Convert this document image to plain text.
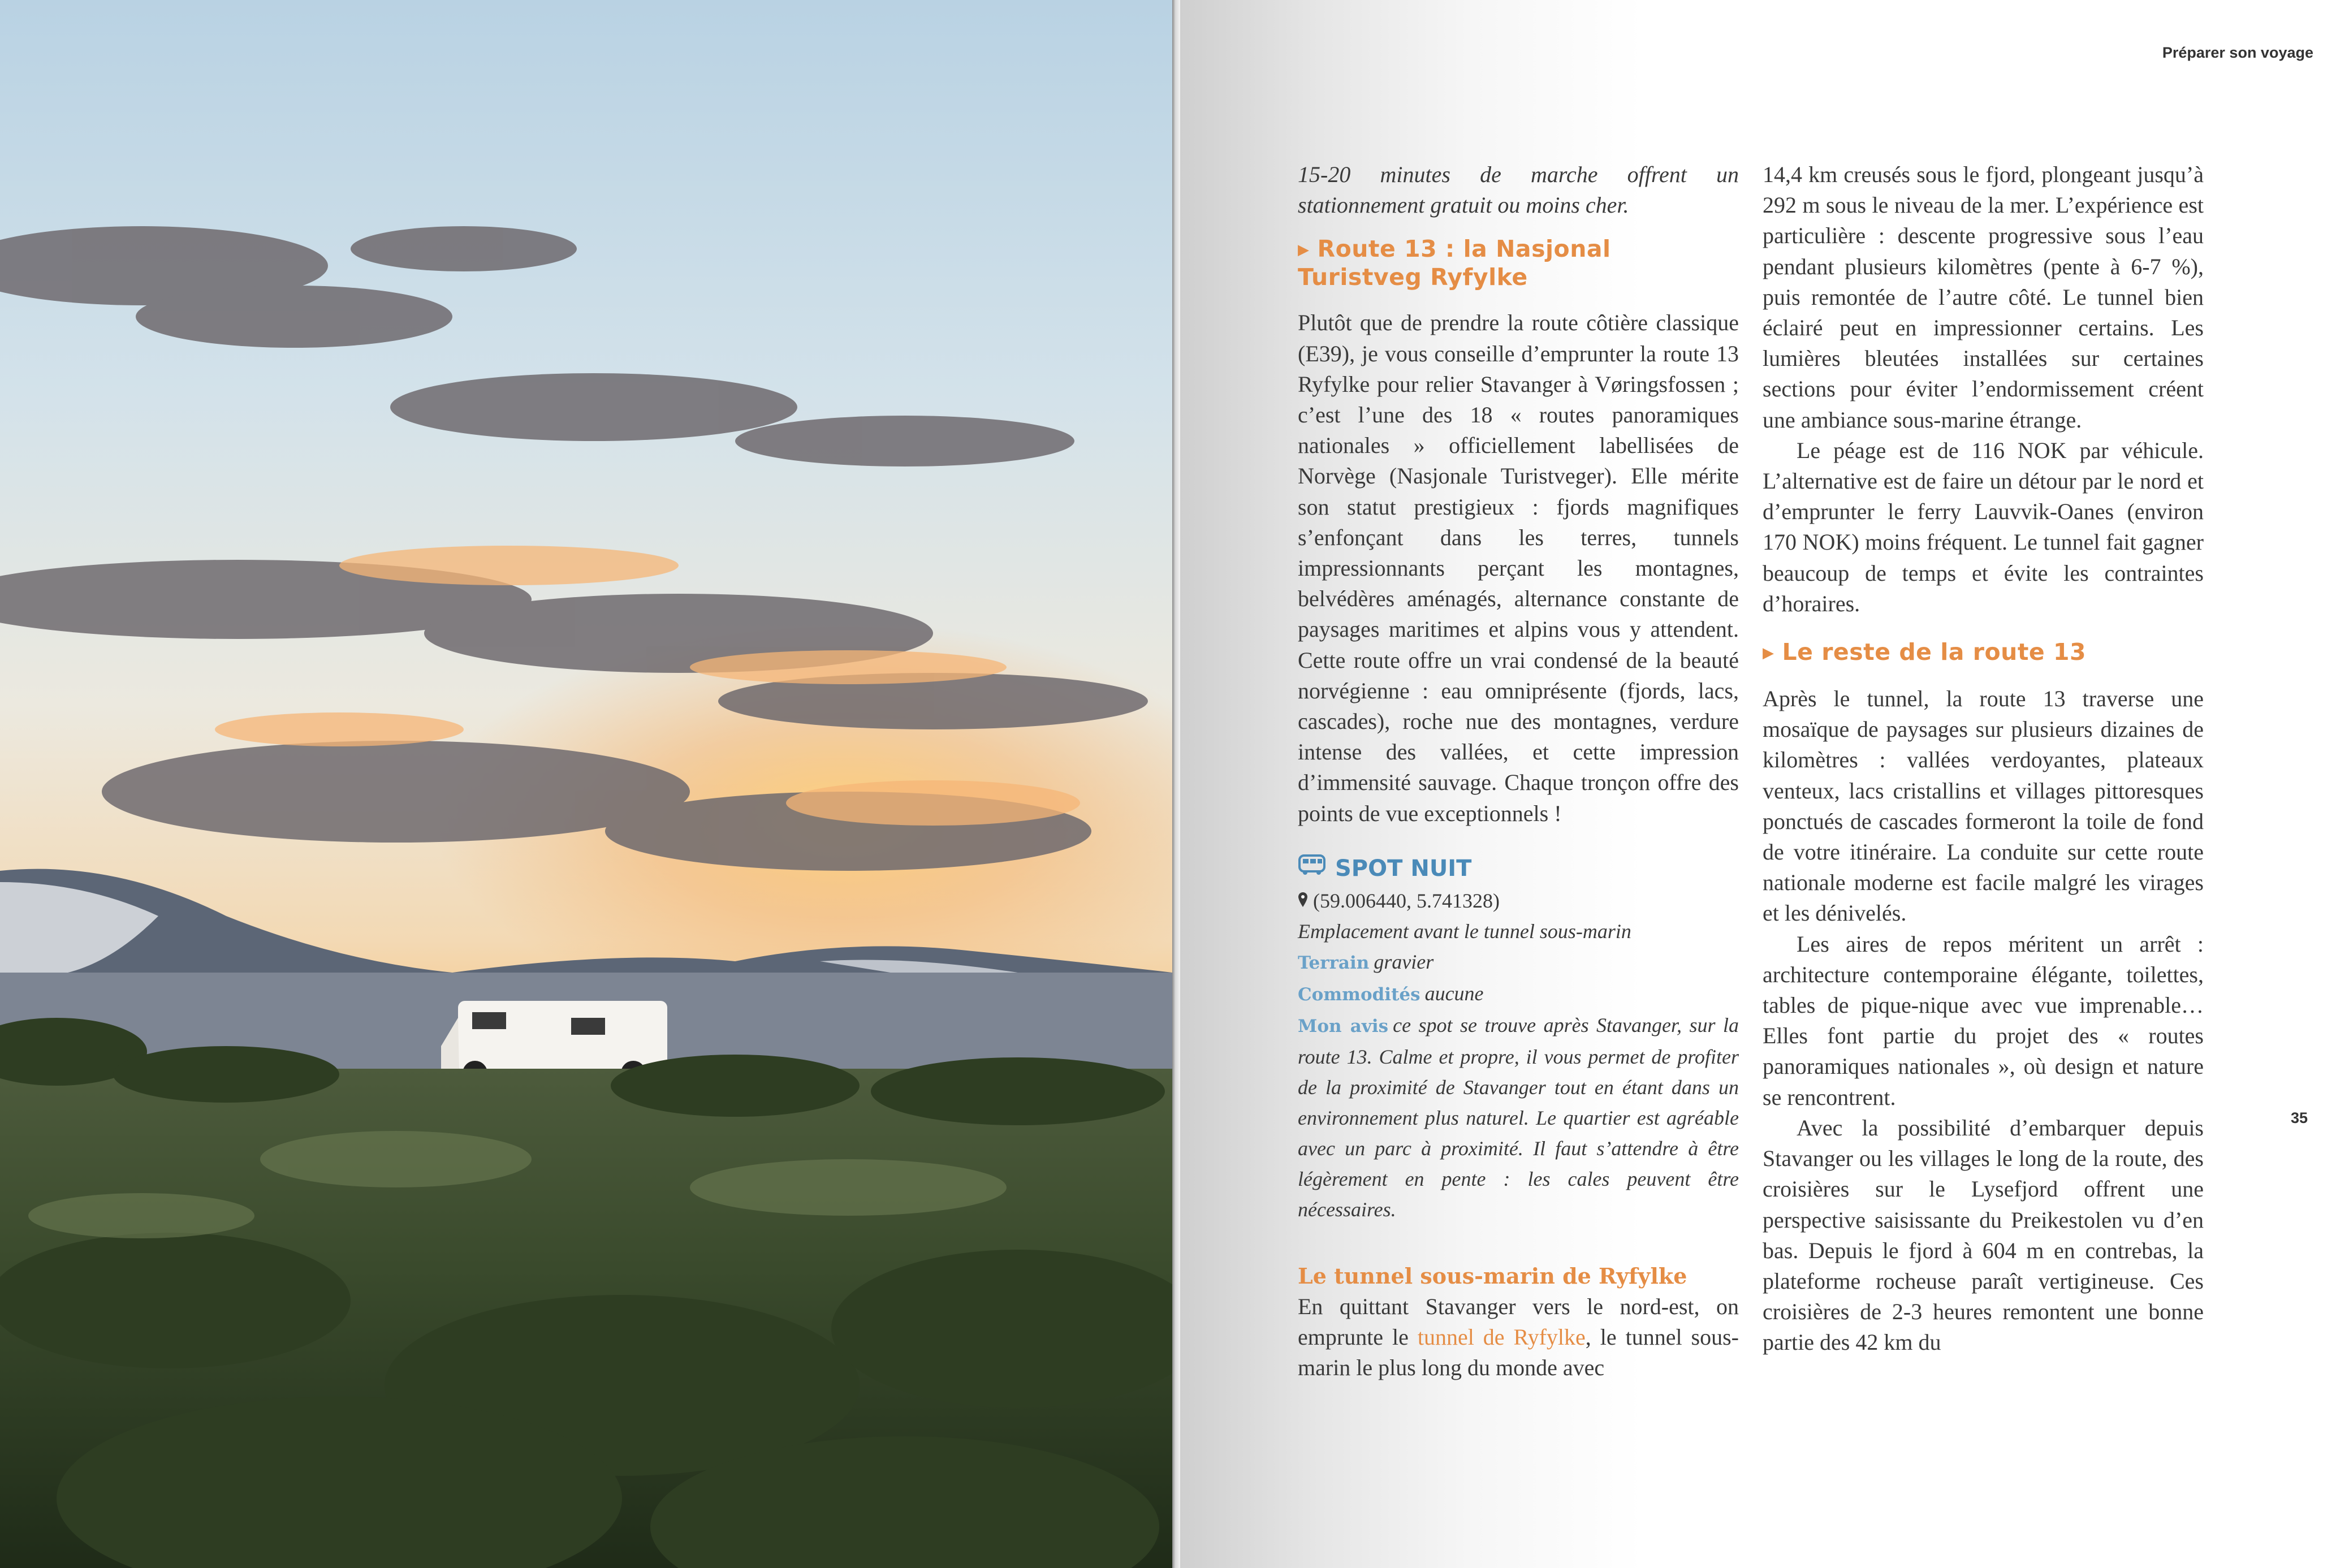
Préparer son voyage
35

15-20 minutes de marche offrent un stationnement gratuit ou moins cher.

▶ Route 13 : la Nasjonal Turistveg Ryfylke

Plutôt que de prendre la route côtière classique (E39), je vous conseille d’emprunter la route 13 Ryfylke pour relier Stavanger à Vøringsfossen ; c’est l’une des 18 « routes panoramiques nationales » officiellement labellisées de Norvège (Nasjonale Turistveger). Elle mérite son statut prestigieux : fjords magnifiques s’enfonçant dans les terres, tunnels impressionnants perçant les montagnes, belvédères aménagés, alternance constante de paysages maritimes et alpins vous y attendent. Cette route offre un vrai condensé de la beauté norvégienne : eau omniprésente (fjords, lacs, cascades), roche nue des montagnes, verdure intense des vallées, et cette impression d’immensité sauvage. Chaque tronçon offre des points de vue exceptionnels !

SPOT NUIT
(59.006440, 5.741328)
Emplacement avant le tunnel sous-marin
Terrain gravier
Commodités aucune
Mon avis ce spot se trouve après Stavanger, sur la route 13. Calme et propre, il vous permet de profiter de la proximité de Stavanger tout en étant dans un environnement plus naturel. Le quartier est agréable avec un parc à proximité. Il faut s’attendre à être légèrement en pente : les cales peuvent être nécessaires.
Le tunnel sous-marin de Ryfylke

En quittant Stavanger vers le nord-est, on emprunte le tunnel de Ryfylke, le tunnel sous-marin le plus long du monde avec

14,4 km creusés sous le fjord, plongeant jusqu’à 292 m sous le niveau de la mer. L’expérience est particulière : descente progressive sous l’eau pendant plusieurs kilomètres (pente à 6-7 %), puis remontée de l’autre côté. Le tunnel bien éclairé peut en impressionner certains. Les lumières bleutées installées sur certaines sections pour éviter l’endormissement créent une ambiance sous-marine étrange.

Le péage est de 116 NOK par véhicule. L’alternative est de faire un détour par le nord et d’emprunter le ferry Lauvvik-Oanes (environ 170 NOK) moins fréquent. Le tunnel fait gagner beaucoup de temps et évite les contraintes d’horaires.

▶ Le reste de la route 13

Après le tunnel, la route 13 traverse une mosaïque de paysages sur plusieurs dizaines de kilomètres : vallées verdoyantes, plateaux venteux, lacs cristallins et villages pittoresques ponctués de cascades formeront la toile de fond de votre itinéraire. La conduite sur cette route nationale moderne est facile malgré les virages et les dénivelés.

Les aires de repos méritent un arrêt : architecture contemporaine élégante, toilettes, tables de pique-nique avec vue imprenable… Elles font partie du projet des « routes panoramiques nationales », où design et nature se rencontrent.

Avec la possibilité d’embarquer depuis Stavanger ou les villages le long de la route, des croisières sur le Lysefjord offrent une perspective saisissante du Preikestolen vu d’en bas. Depuis le fjord à 604 m en contrebas, la plateforme rocheuse paraît vertigineuse. Ces croisières de 2-3 heures remontent une bonne partie des 42 km du
